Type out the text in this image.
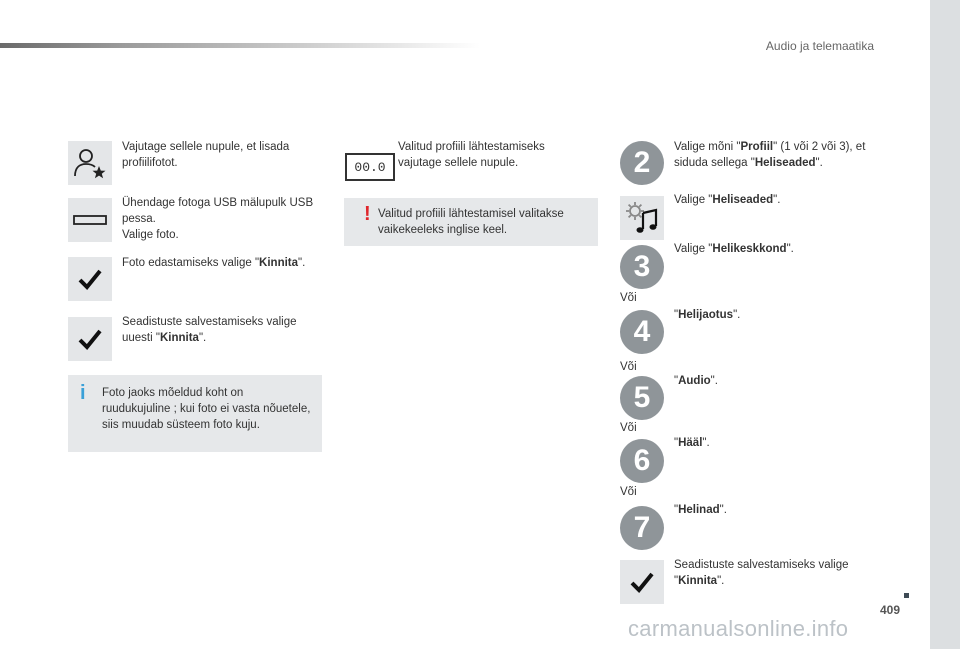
Audio ja telemaatika
Vajutage sellele nupule, et lisada profiilifotot.
Ühendage fotoga USB mälupulk USB pessa.
Valige foto.
Foto edastamiseks valige "Kinnita".
Seadistuste salvestamiseks valige uuesti "Kinnita".
i Foto jaoks mõeldud koht on ruudukujuline ; kui foto ei vasta nõuetele, siis muudab süsteem foto kuju.
00.0
Valitud profiili lähtestamiseks vajutage sellele nupule.
! Valitud profiili lähtestamisel valitakse vaikekeeleks inglise keel.
2	Valige mõni "Profiil" (1 või 2 või 3), et siduda sellega "Heliseaded".
Valige "Heliseaded".
3
Valige "Helikeskkond".
Või
4	"Helijaotus".
Või
5	"Audio".
Või
6
"Hääl".
Või
7
"Helinad".
Seadistuste salvestamiseks valige "Kinnita".
409
carmanualsonline.info
